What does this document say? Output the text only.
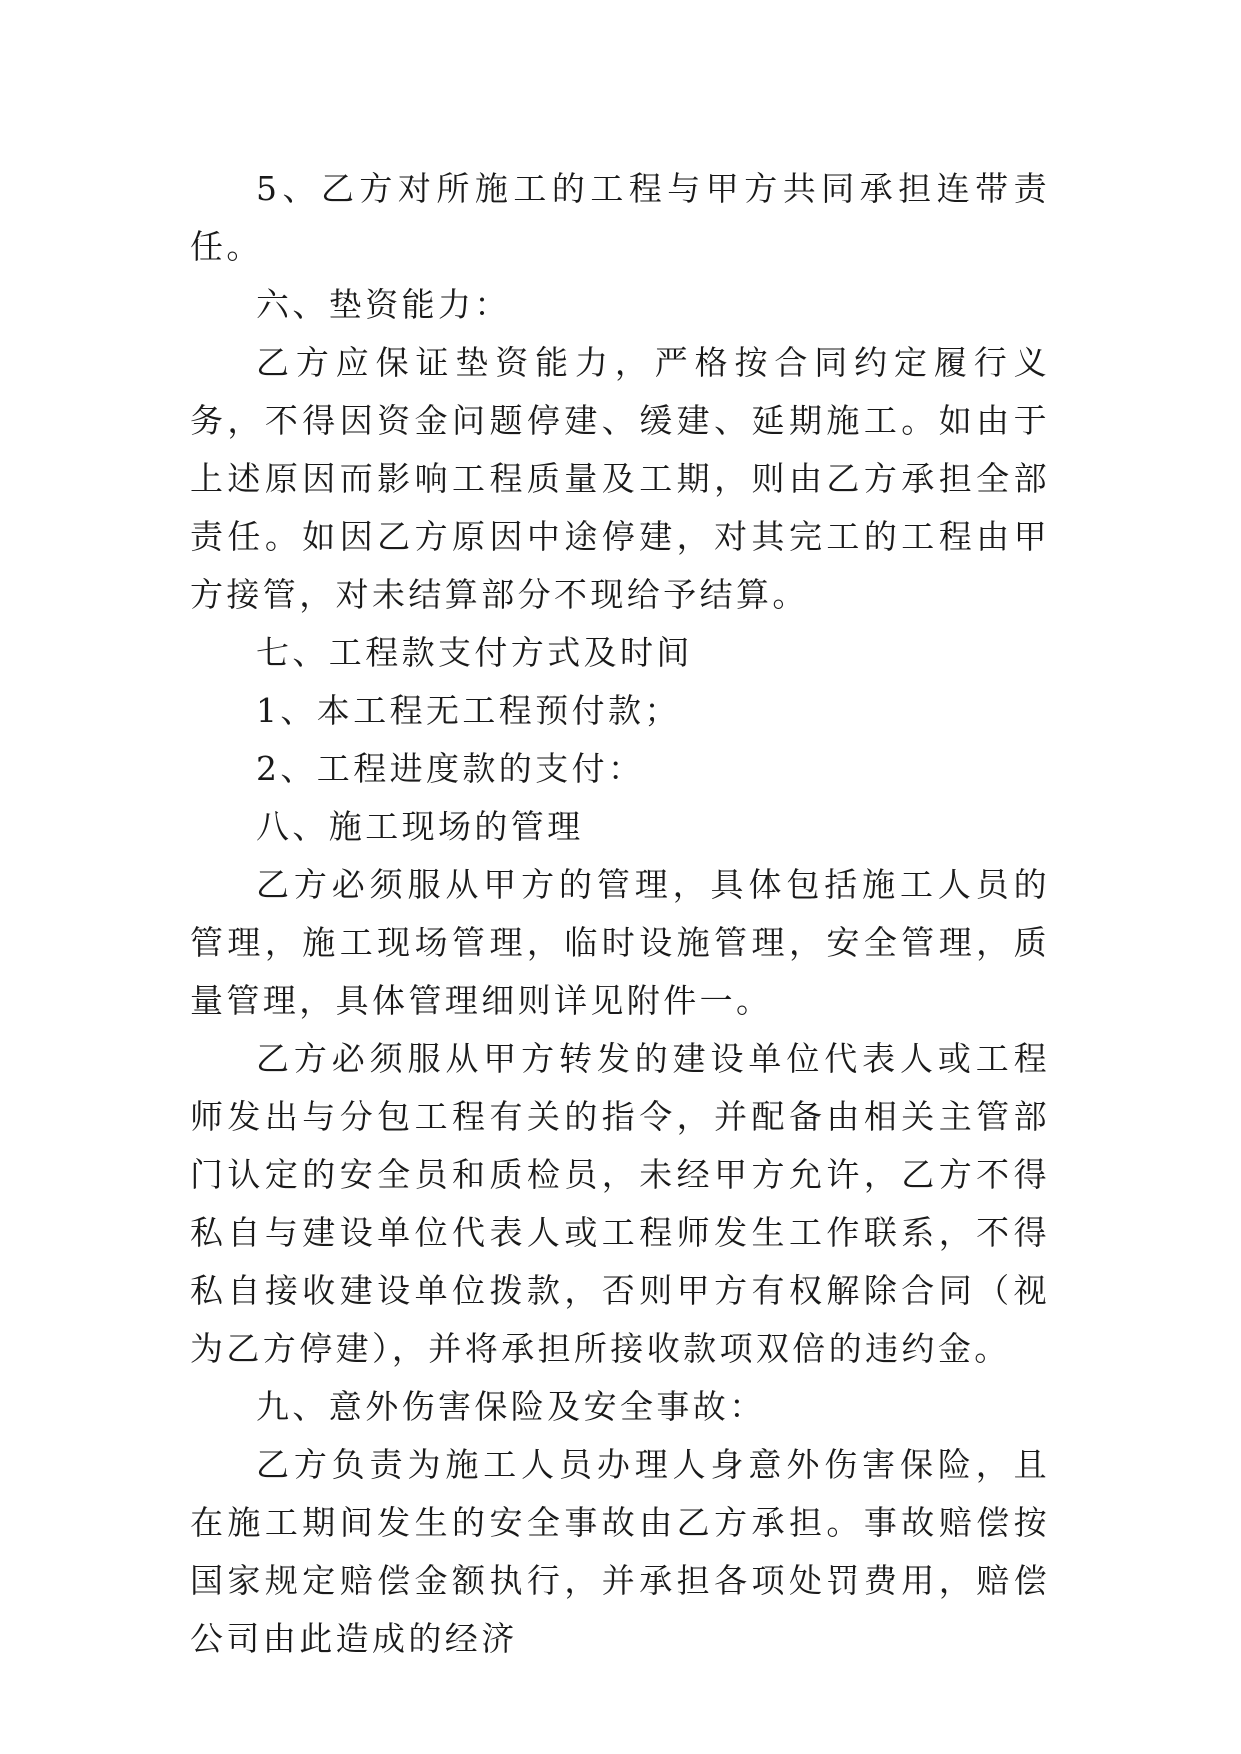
5、乙方对所施工的工程与甲方共同承担连带责任。

六、垫资能力：

乙方应保证垫资能力，严格按合同约定履行义务，不得因资金问题停建、缓建、延期施工。如由于上述原因而影响工程质量及工期，则由乙方承担全部责任。如因乙方原因中途停建，对其完工的工程由甲方接管，对未结算部分不现给予结算。

七、工程款支付方式及时间

1、本工程无工程预付款；

2、工程进度款的支付：

八、施工现场的管理

乙方必须服从甲方的管理，具体包括施工人员的管理，施工现场管理，临时设施管理，安全管理，质量管理，具体管理细则详见附件一。

乙方必须服从甲方转发的建设单位代表人或工程师发出与分包工程有关的指令，并配备由相关主管部门认定的安全员和质检员，未经甲方允许，乙方不得私自与建设单位代表人或工程师发生工作联系，不得私自接收建设单位拨款，否则甲方有权解除合同（视为乙方停建），并将承担所接收款项双倍的违约金。

九、意外伤害保险及安全事故：

乙方负责为施工人员办理人身意外伤害保险，且在施工期间发生的安全事故由乙方承担。事故赔偿按国家规定赔偿金额执行，并承担各项处罚费用，赔偿公司由此造成的经济
